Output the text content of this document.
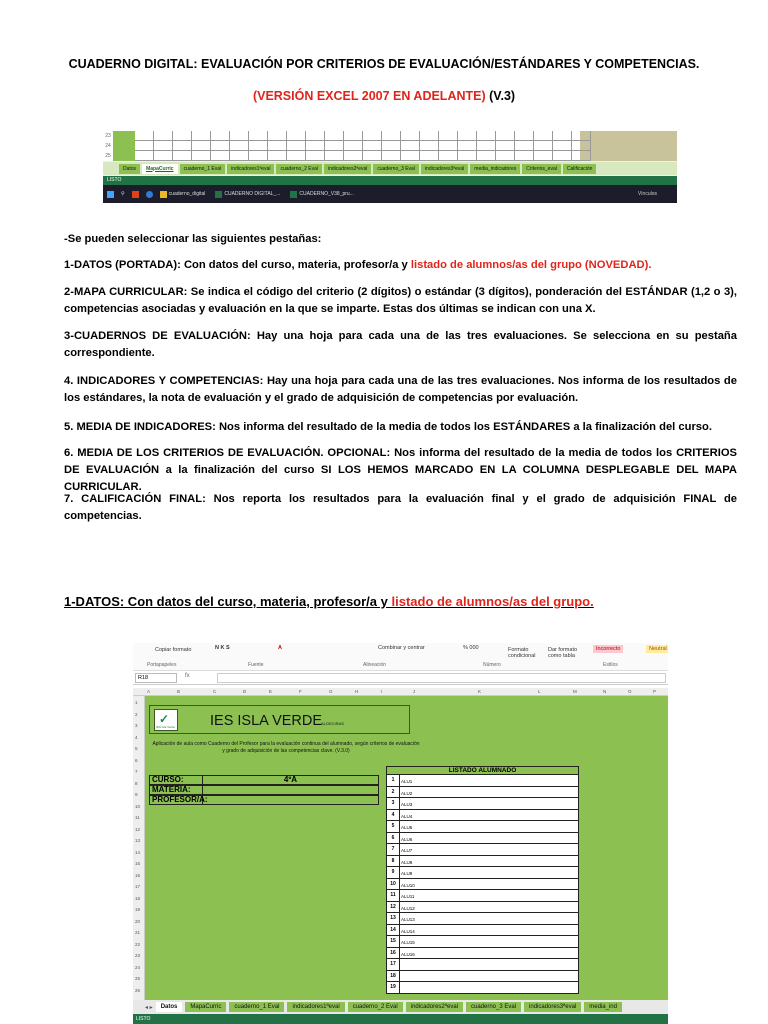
CUADERNO DIGITAL: EVALUACIÓN POR CRITERIOS DE EVALUACIÓN/ESTÁNDARES Y COMPETENCIAS.
(VERSIÓN EXCEL 2007 EN ADELANTE) (V.3)
23
24
25
Datos	MapaCurric	cuaderno_1 Eval	indicadores1ªeval	cuaderno_2 Eval	indicadores2ªeval	cuaderno_3 Eval	indicadores3ªeval	media_indicadores	Criterios_eval	Calificación
LISTO
⚲	cuaderno_digital	CUADERNO DIGITAL_...	CUADERNO_V38_pru...	Vínculos
-Se pueden seleccionar las siguientes pestañas:
1-DATOS (PORTADA): Con datos del curso, materia, profesor/a y listado de alumnos/as del grupo (NOVEDAD).
2-MAPA CURRICULAR: Se indica el código del criterio (2 dígitos) o estándar (3 dígitos), ponderación del ESTÁNDAR (1,2 o 3), competencias asociadas y evaluación en la que se imparte. Estas dos últimas se indican con una X.
3-CUADERNOS DE EVALUACIÓN: Hay una hoja para cada una de las tres evaluaciones. Se selecciona en su pestaña correspondiente.
4. INDICADORES Y COMPETENCIAS: Hay una hoja para cada una de las tres evaluaciones. Nos informa de los resultados de los estándares, la nota de evaluación y el grado de adquisición de competencias por evaluación.
5. MEDIA DE INDICADORES: Nos informa del resultado de la media de todos los ESTÁNDARES a la finalización del curso.
6. MEDIA DE LOS CRITERIOS DE EVALUACIÓN. OPCIONAL: Nos informa del resultado de la media de todos los CRITERIOS DE EVALUACIÓN a la finalización del curso SI LOS HEMOS MARCADO EN LA COLUMNA DESPLEGABLE DEL MAPA CURRICULAR.
7. CALIFICACIÓN FINAL: Nos reporta los resultados para la evaluación final y el grado de adquisición FINAL de competencias.
1-DATOS: Con datos del curso, materia, profesor/a y listado de alumnos/as del grupo.
Copiar formato	N K S	A	Combinar y centrar	% 000	Formato condicional
Dar formato como tabla
Incorrecto	Neutral
Portapapeles	Fuente	Alineación	Número	Estilos
R18	fx
A	B	C	D	E	F	G	H	I	J	K	L	M	N	O	P
1
2
3
4
5
6
7
8
9
10
11
12
13
14
15
16
17
18
19
20
21
22
23
24
25
26
✓
IES Isla Verde IES ISLA VERDE
ALGECIRAS
Aplicación de aula como Cuaderno del Profesor para la evaluación continua del alumnado, según criterios de evaluación y grado de adquisición de las competencias clave. (V.3.0)
CURSO:	4ºA
MATERIA:
PROFESOR/A:
LISTADO ALUMNADO
1	ALU1
2	ALU2
3	ALU3
4	ALU4
5	ALU5
6	ALU6
7	ALU7
8	ALU8
9	ALU9
10	ALU10
11	ALU11
12	ALU12
13	ALU13
14	ALU14
15	ALU15
16	ALU16
17
18
19
◂ ▸	Datos	MapaCurric	cuaderno_1 Eval	indicadores1ªeval	cuaderno_2 Eval	indicadores2ªeval	cuaderno_3 Eval	indicadores3ªeval	media_ind
LISTO
